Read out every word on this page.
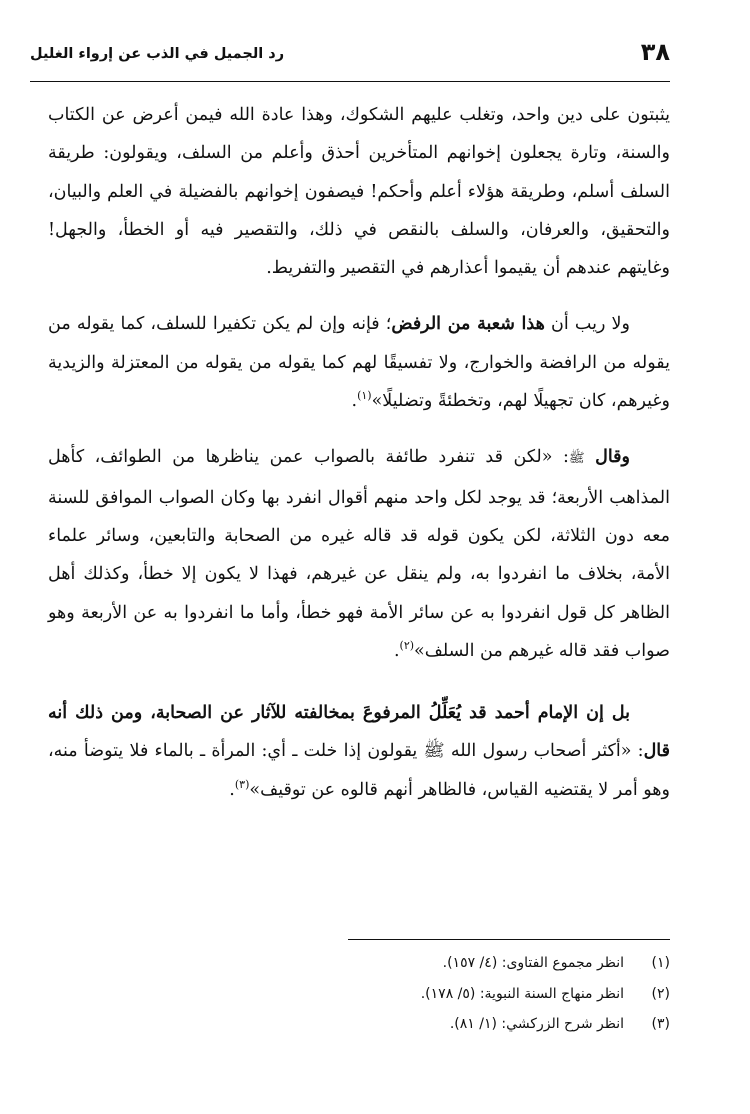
٣٨
رد الجميل في الذب عن إرواء الغليل

يثبتون على دين واحد، وتغلب عليهم الشكوك، وهذا عادة الله فيمن أعرض عن الكتاب والسنة، وتارة يجعلون إخوانهم المتأخرين أحذق وأعلم من السلف، ويقولون: طريقة السلف أسلم، وطريقة هؤلاء أعلم وأحكم! فيصفون إخوانهم بالفضيلة في العلم والبيان، والتحقيق، والعرفان، والسلف بالنقص في ذلك، والتقصير فيه أو الخطأ، والجهل! وغايتهم عندهم أن يقيموا أعذارهم في التقصير والتفريط.

ولا ريب أن هذا شعبة من الرفض؛ فإنه وإن لم يكن تكفيرا للسلف، كما يقوله من يقوله من الرافضة والخوارج، ولا تفسيقًا لهم كما يقوله من يقوله من المعتزلة والزيدية وغيرهم، كان تجهيلًا لهم، وتخطئةً وتضليلًا»$^{(١)}$.

وقال ﷺ: «لكن قد تنفرد طائفة بالصواب عمن يناظرها من الطوائف، كأهل المذاهب الأربعة؛ قد يوجد لكل واحد منهم أقوال انفرد بها وكان الصواب الموافق للسنة معه دون الثلاثة، لكن يكون قوله قد قاله غيره من الصحابة والتابعين، وسائر علماء الأمة، بخلاف ما انفردوا به، ولم ينقل عن غيرهم، فهذا لا يكون إلا خطأ، وكذلك أهل الظاهر كل قول انفردوا به عن سائر الأمة فهو خطأ، وأما ما انفردوا به عن الأربعة وهو صواب فقد قاله غيرهم من السلف»$^{(٢)}$.

بل إن الإمام أحمد قد يُعَلِّلُ المرفوعَ بمخالفته للآثار عن الصحابة، ومن ذلك أنه قال: «أكثر أصحاب رسول الله ﷺ يقولون إذا خلت ـ أي: المرأة ـ بالماء فلا يتوضأ منه، وهو أمر لا يقتضيه القياس، فالظاهر أنهم قالوه عن توقيف»$^{(٣)}$.

(١)انظر مجموع الفتاوى: (٤/ ١٥٧).
(٢)انظر منهاج السنة النبوية: (٥/ ١٧٨).
(٣)انظر شرح الزركشي: (١/ ٨١).
